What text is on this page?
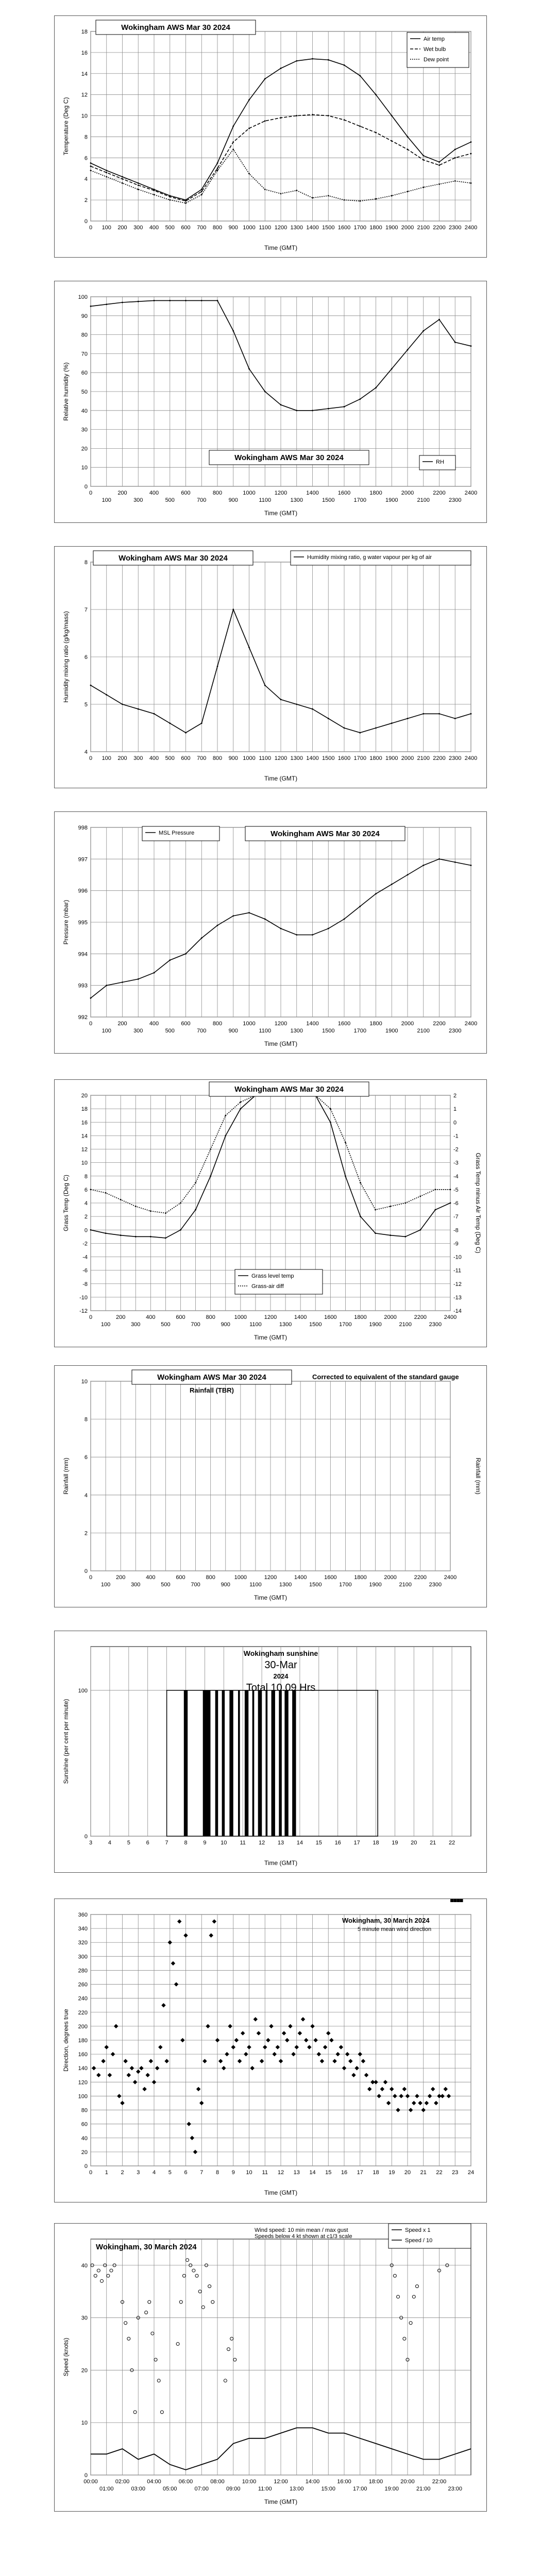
0
2
4
6
8
10
12
14
16
18
0 100 200 300 400 500 600 700 800 900 1000 1100 1200 1300 1400 1500 1600 1700 1800 1900 2000 2100 2200 2300 2400
Time (GMT)
Temperature (Deg C)
Wokingham AWS Mar 30 2024
Air temp
Wet bulb
Dew point
0
10
20
30
40
50
60
70
80
90
100
0	200	400	600	800	1000	1200	1400	1600	1800	2000	2200	2400
100	300	500	700	900	1100	1300	1500	1700	1900	2100	2300
Time (GMT)
Relative humidity (%)
Wokingham AWS Mar 30 2024	RH
4
5
6
7
8
0 100 200 300 400 500 600 700 800 900 1000 1100 1200 1300 1400 1500 1600 1700 1800 1900 2000 2100 2200 2300 2400
Time (GMT)
Humidity mixing ratio (g/kg/mass)
Wokingham AWS Mar 30 2024	Humidity mixing ratio, g water vapour per kg of air
992
993
994
995
996
997
998
0	200	400	600	800	1000	1200	1400	1600	1800	2000	2200	2400
100	300	500	700	900	1100	1300	1500	1700	1900	2100	2300
Time (GMT)
Pressure (mbar)
Wokingham AWS Mar 30 2024
MSL Pressure
-12
-10
-8
-6
-4
-2
0
2
4
6
8
10
12
14
16
18
20
-14
-13
-12
-11
-10
-9
-8
-7
-6
-5
-4
-3
-2
-1
0
1
2
0	200	400	600	800	1000	1200	1400	1600	1800	2000	2200	2400
100	300	500	700	900	1100	1300	1500	1700	1900	2100	2300
Time (GMT)
Grass Temp (Deg C)	Grass Temp minus Air Temp (Deg C)
Wokingham AWS Mar 30 2024
Grass level temp
Grass-air diff
0
2
4
6
8
10
0	200	400	600	800	1000	1200	1400	1600	1800	2000	2200	2400
100	300	500	700	900	1100	1300	1500	1700	1900	2100	2300
Time (GMT)
Rainfall (mm)	Rainfall (mm)
Wokingham AWS Mar 30 2024
Rainfall (TBR)
Corrected to equivalent of the standard gauge
0
100
3	4	5	6	7	8	9	10 11 12 13 14 15 16 17 18 19 20 21 22
Time (GMT)
Sunshine (per cent per minute)
Wokingham sunshine
30-Mar
2024
Total 10.09 Hrs
0
20
40
60
80
100
120
140
160
180
200
220
240
260
280
300
320
340
360
0 1 2 3 4 5 6 7 8 9 10 11 12 13 14 15 16 17 18 19 20 21 22 23 24
Time (GMT)
Direction, degrees true
Wokingham, 30 March 2024
5 minute mean wind direction
0
10
20
30
40
00:00	02:00	04:00	06:00	08:00	10:00	12:00	14:00	16:00	18:00	20:00	22:00
01:00	03:00	05:00	07:00	09:00	11:00	13:00	15:00	17:00	19:00	21:00	23:00
Time (GMT)
Speed (knots)
Wokingham, 30 March 2024
Wind speed: 10 min mean / max gust
Speeds below 4 kt shown at c1/3 scale
Speed x 1
Speed / 10
